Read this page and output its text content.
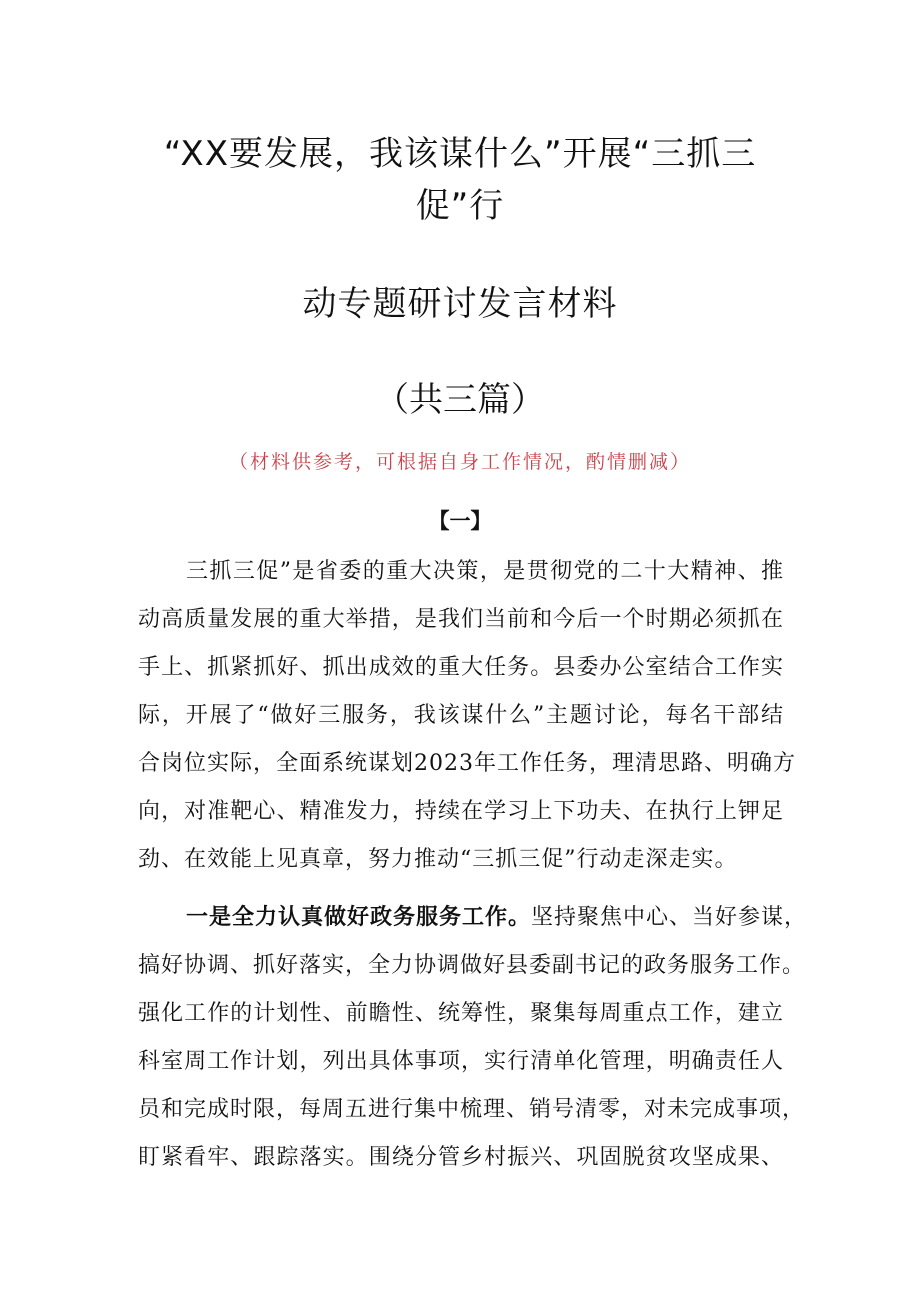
“XX要发展，我该谋什么”开展“三抓三
促”行
动专题研讨发言材料
（共三篇）
（材料供参考，可根据自身工作情况，酌情删减）
【一】
三抓三促”是省委的重大决策，是贯彻党的二十大精神、推
动高质量发展的重大举措，是我们当前和今后一个时期必须抓在
手上、抓紧抓好、抓出成效的重大任务。县委办公室结合工作实
际，开展了“做好三服务，我该谋什么”主题讨论，每名干部结
合岗位实际，全面系统谋划2023年工作任务，理清思路、明确方
向，对准靶心、精准发力，持续在学习上下功夫、在执行上钾足
劲、在效能上见真章，努力推动“三抓三促”行动走深走实。
一是全力认真做好政务服务工作。坚持聚焦中心、当好参谋，
搞好协调、抓好落实，全力协调做好县委副书记的政务服务工作。
强化工作的计划性、前瞻性、统筹性，聚集每周重点工作，建立
科室周工作计划，列出具体事项，实行清单化管理，明确责任人
员和完成时限，每周五进行集中梳理、销号清零，对未完成事项，
盯紧看牢、跟踪落实。围绕分管乡村振兴、巩固脱贫攻坚成果、
